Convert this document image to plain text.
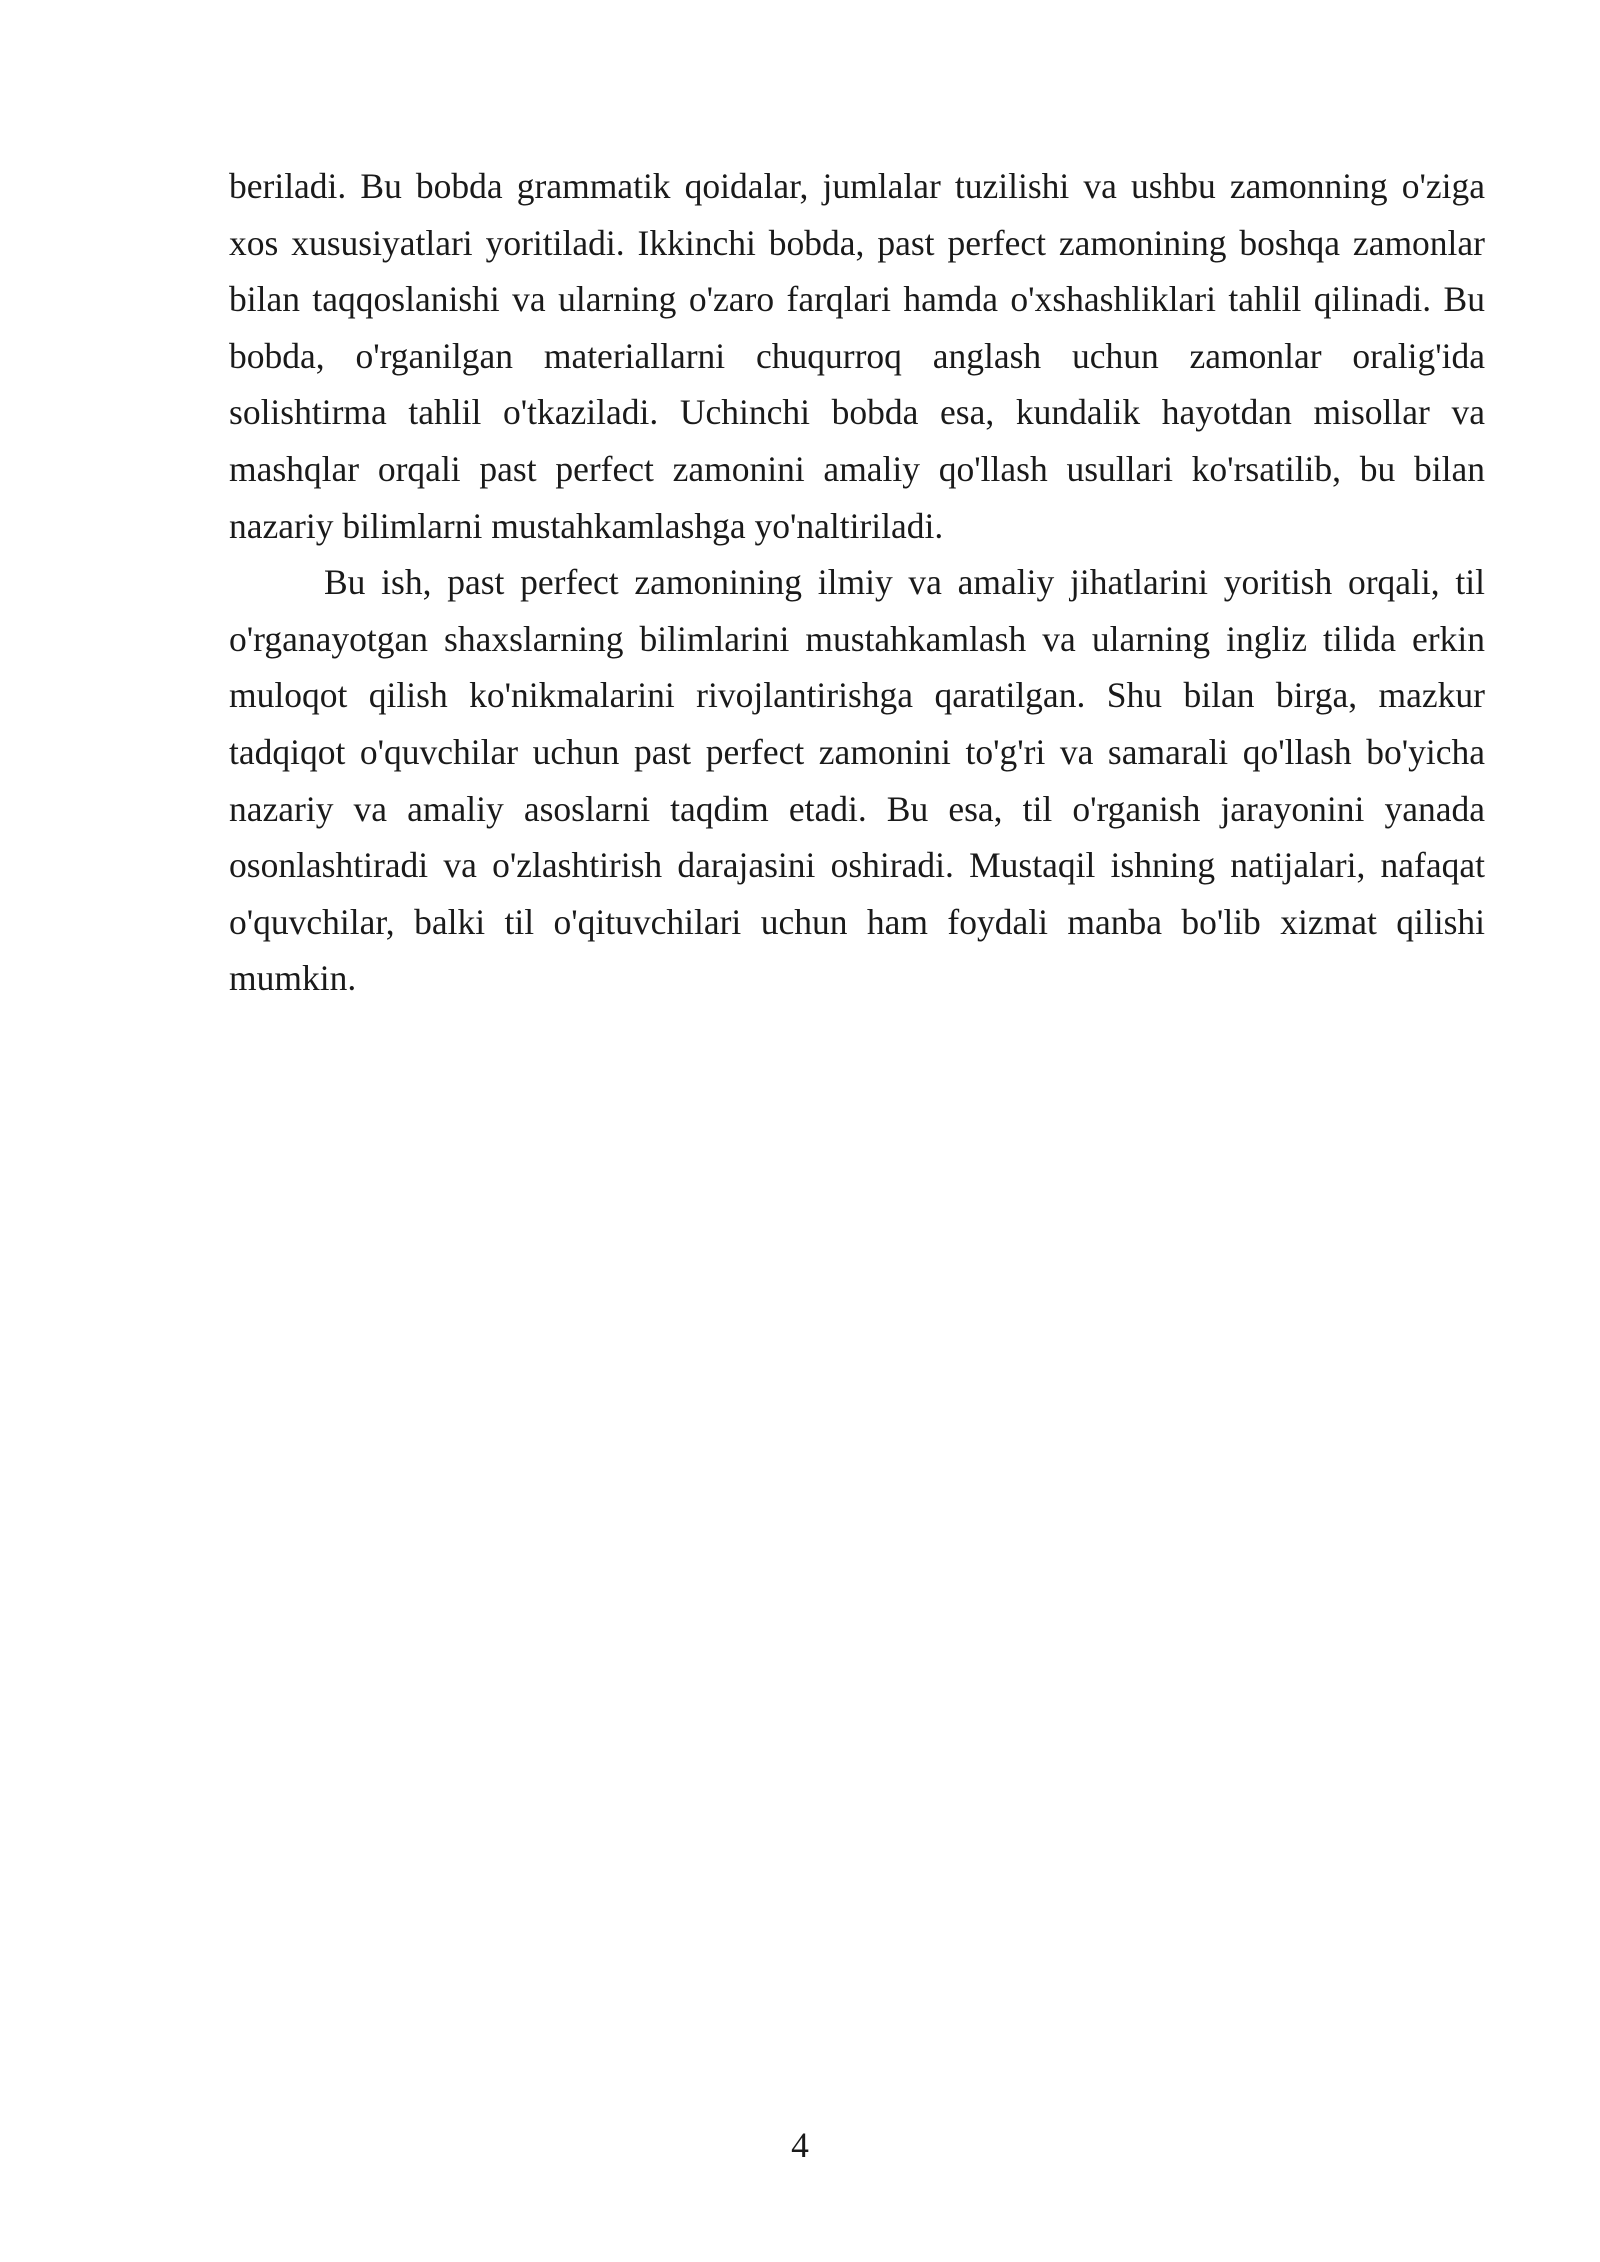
beriladi. Bu bobda grammatik qoidalar, jumlalar tuzilishi va ushbu zamonning o'ziga xos xususiyatlari yoritiladi. Ikkinchi bobda, past perfect zamonining boshqa zamonlar bilan taqqoslanishi va ularning o'zaro farqlari hamda o'xshashliklari tahlil qilinadi. Bu bobda, o'rganilgan materiallarni chuqurroq anglash uchun zamonlar oralig'ida solishtirma tahlil o'tkaziladi. Uchinchi bobda esa, kundalik hayotdan misollar va mashqlar orqali past perfect zamonini amaliy qo'llash usullari ko'rsatilib, bu bilan nazariy bilimlarni mustahkamlashga yo'naltiriladi.

Bu ish, past perfect zamonining ilmiy va amaliy jihatlarini yoritish orqali, til o'rganayotgan shaxslarning bilimlarini mustahkamlash va ularning ingliz tilida erkin muloqot qilish ko'nikmalarini rivojlantirishga qaratilgan. Shu bilan birga, mazkur tadqiqot o'quvchilar uchun past perfect zamonini to'g'ri va samarali qo'llash bo'yicha nazariy va amaliy asoslarni taqdim etadi. Bu esa, til o'rganish jarayonini yanada osonlashtiradi va o'zlashtirish darajasini oshiradi. Mustaqil ishning natijalari, nafaqat o'quvchilar, balki til o'qituvchilari uchun ham foydali manba bo'lib xizmat qilishi mumkin.

4
